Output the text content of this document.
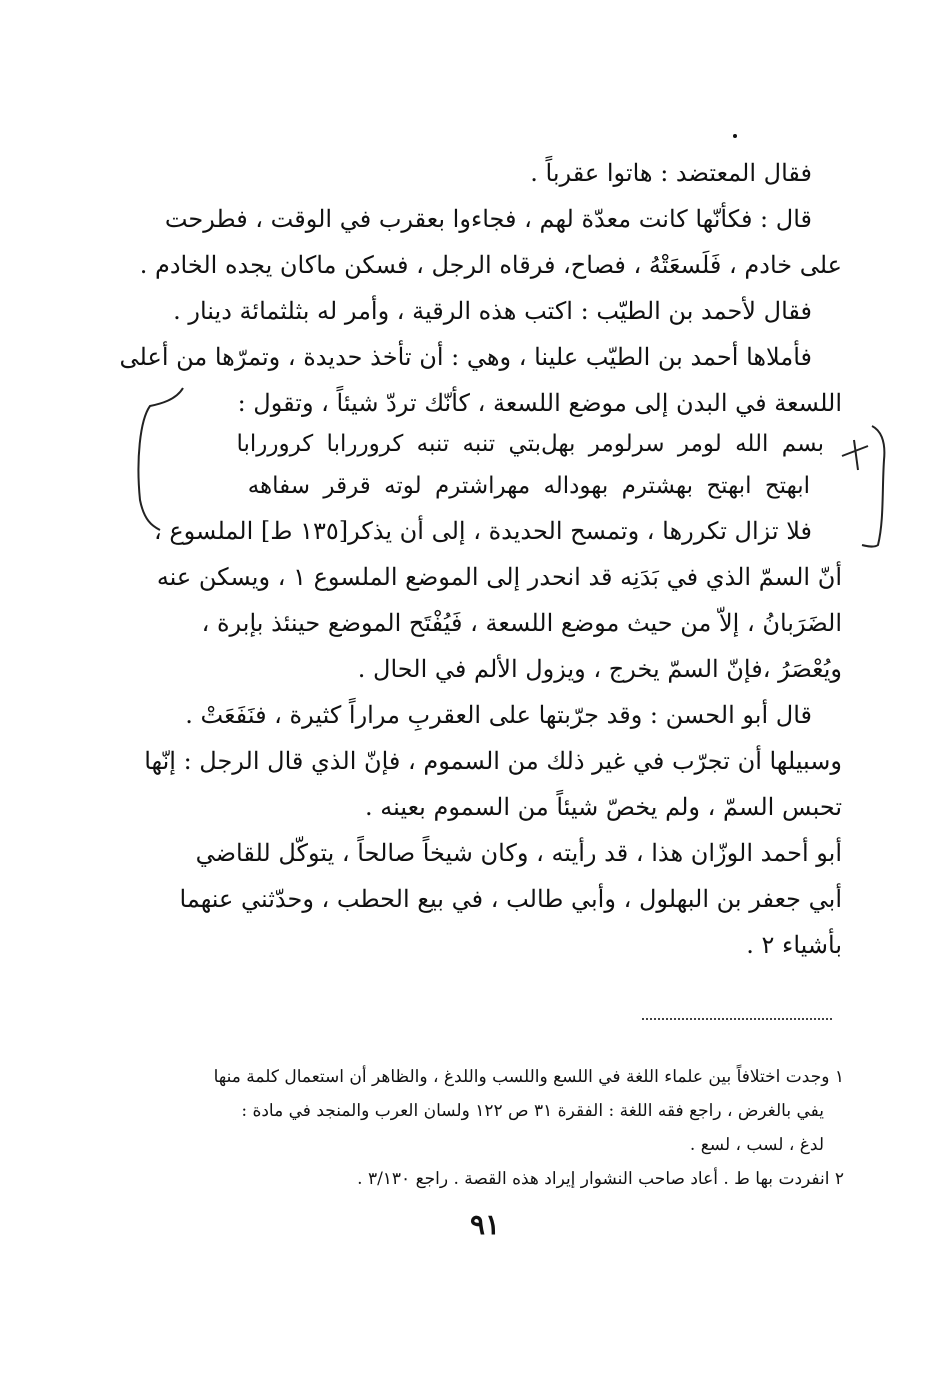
فقال المعتضد : هاتوا عقرباً .
قال : فكأنّها كانت معدّة لهم ، فجاءوا بعقرب في الوقت ، فطرحت
على خادم ، فَلَسعَتْهُ ، فصاح، فرقاه الرجل ، فسكن ماكان يجده الخادم .
فقال لأحمد بن الطيّب : اكتب هذه الرقية ، وأمر له بثلثمائة دينار .
فأملاها أحمد بن الطيّب علينا ، وهي : أن تأخذ حديدة ، وتمرّها من أعلى
اللسعة في البدن إلى موضع اللسعة ، كأنّك تردّ شيئاً ، وتقول :
بسم الله لومر سرلومر بهل‌بتي تنبه تنبه كروررابا كروررابا
ابهتح ابهتح بهشترم بهوداله مهراشترم لوته قرقر سفاهه
فلا تزال تكررها ، وتمسح الحديدة ، إلى أن يذكر[١٣٥ ط] الملسوع ،
أنّ السمّ الذي في بَدَنِه قد انحدر إلى الموضع الملسوع ١ ، ويسكن عنه
الضَرَبانُ ، إلاّ من حيث موضع اللسعة ، فَيُفْتَح الموضع حينئذ بإبرة ،
ويُعْصَرُ ،فإنّ السمّ يخرج ، ويزول الألم في الحال .
قال أبو الحسن : وقد جرّبتها على العقربِ مراراً كثيرة ، فنَفَعَتْ .
وسبيلها أن تجرّب في غير ذلك من السموم ، فإنّ الذي قال الرجل : إنّها
تحبس السمّ ، ولم يخصّ شيئاً من السموم بعينه .
أبو أحمد الوزّان هذا ، قد رأيته ، وكان شيخاً صالحاً ، يتوكّل للقاضي
أبي جعفر بن البهلول ، وأبي طالب ، في بيع الحطب ، وحدّثني عنهما
بأشياء ٢ .
١ وجدت اختلافاً بين علماء اللغة في اللسع واللسب واللدغ ، والظاهر أن استعمال كلمة منها
يفي بالغرض ، راجع فقه اللغة : الفقرة ٣١ ص ١٢٢ ولسان العرب والمنجد في مادة :
لدغ ، لسب ، لسع .
٢ انفردت بها ط . أعاد صاحب النشوار إيراد هذه القصة . راجع ٣/١٣٠ .
٩١
